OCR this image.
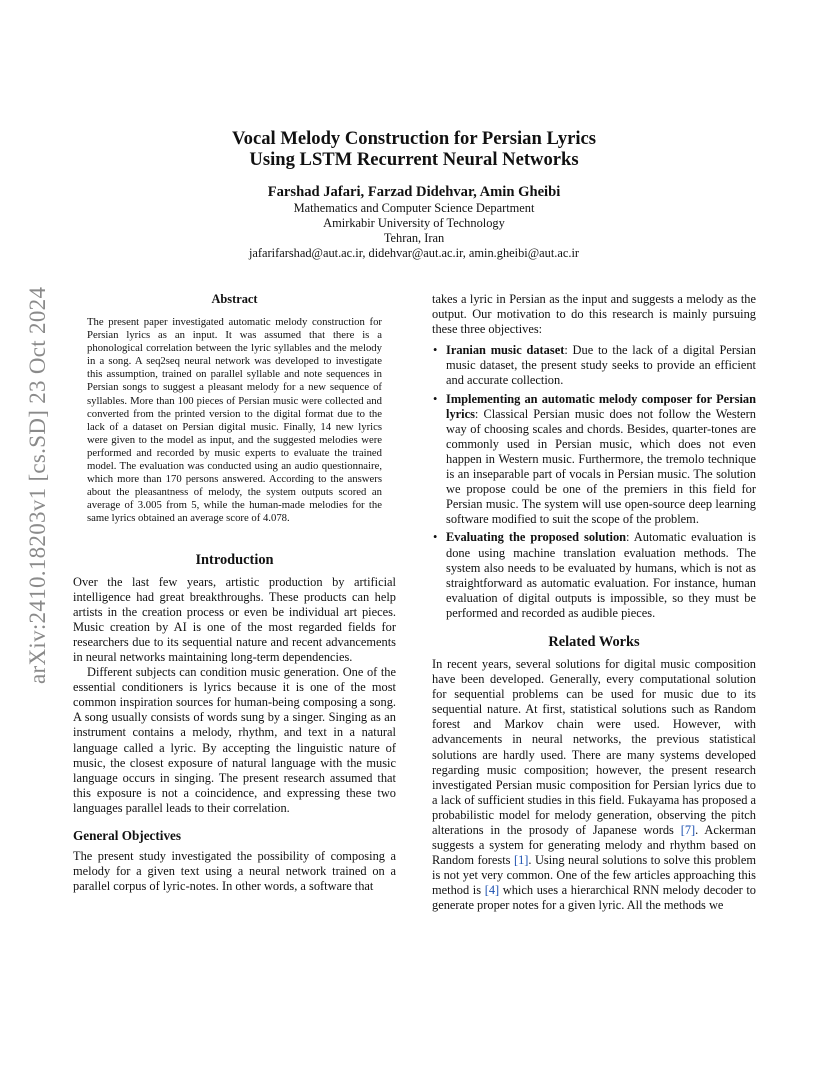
arXiv:2410.18203v1 [cs.SD] 23 Oct 2024
Vocal Melody Construction for Persian Lyrics
Using LSTM Recurrent Neural Networks
Farshad Jafari, Farzad Didehvar, Amin Gheibi
Mathematics and Computer Science Department
Amirkabir University of Technology
Tehran, Iran
jafarifarshad@aut.ac.ir, didehvar@aut.ac.ir, amin.gheibi@aut.ac.ir
Abstract

The present paper investigated automatic melody construction for Persian lyrics as an input. It was assumed that there is a phonological correlation between the lyric syllables and the melody in a song. A seq2seq neural network was developed to investigate this assumption, trained on parallel syllable and note sequences in Persian songs to suggest a pleasant melody for a new sequence of syllables. More than 100 pieces of Persian music were collected and converted from the printed version to the digital format due to the lack of a dataset on Persian digital music. Finally, 14 new lyrics were given to the model as input, and the suggested melodies were performed and recorded by music experts to evaluate the trained model. The evaluation was conducted using an audio questionnaire, which more than 170 persons answered. According to the answers about the pleasantness of melody, the system outputs scored an average of 3.005 from 5, while the human-made melodies for the same lyrics obtained an average score of 4.078.

Introduction

Over the last few years, artistic production by artificial intelligence had great breakthroughs. These products can help artists in the creation process or even be individual art pieces. Music creation by AI is one of the most regarded fields for researchers due to its sequential nature and recent advancements in neural networks maintaining long-term dependencies.

Different subjects can condition music generation. One of the essential conditioners is lyrics because it is one of the most common inspiration sources for human-being composing a song. A song usually consists of words sung by a singer. Singing as an instrument contains a melody, rhythm, and text in a natural language called a lyric. By accepting the linguistic nature of music, the closest exposure of natural language with the music language occurs in singing. The present research assumed that this exposure is not a coincidence, and expressing these two languages parallel leads to their correlation.

General Objectives

The present study investigated the possibility of composing a melody for a given text using a neural network trained on a parallel corpus of lyric-notes. In other words, a software that

takes a lyric in Persian as the input and suggests a melody as the output. Our motivation to do this research is mainly pursuing these three objectives:

• Iranian music dataset: Due to the lack of a digital Persian music dataset, the present study seeks to provide an efficient and accurate collection.
• Implementing an automatic melody composer for Persian lyrics: Classical Persian music does not follow the Western way of choosing scales and chords. Besides, quarter-tones are commonly used in Persian music, which does not even happen in Western music. Furthermore, the tremolo technique is an inseparable part of vocals in Persian music. The solution we propose could be one of the premiers in this field for Persian music. The system will use open-source deep learning software modified to suit the scope of the problem.
• Evaluating the proposed solution: Automatic evaluation is done using machine translation evaluation methods. The system also needs to be evaluated by humans, which is not as straightforward as automatic evaluation. For instance, human evaluation of digital outputs is impossible, so they must be performed and recorded as audible pieces.
Related Works

In recent years, several solutions for digital music composition have been developed. Generally, every computational solution for sequential problems can be used for music due to its sequential nature. At first, statistical solutions such as Random forest and Markov chain were used. However, with advancements in neural networks, the previous statistical solutions are hardly used. There are many systems developed regarding music composition; however, the present research investigated Persian music composition for Persian lyrics due to a lack of sufficient studies in this field. Fukayama has proposed a probabilistic model for melody generation, observing the pitch alterations in the prosody of Japanese words [7]. Ackerman suggests a system for generating melody and rhythm based on Random forests [1]. Using neural solutions to solve this problem is not yet very common. One of the few articles approaching this method is [4] which uses a hierarchical RNN melody decoder to generate proper notes for a given lyric. All the methods we
